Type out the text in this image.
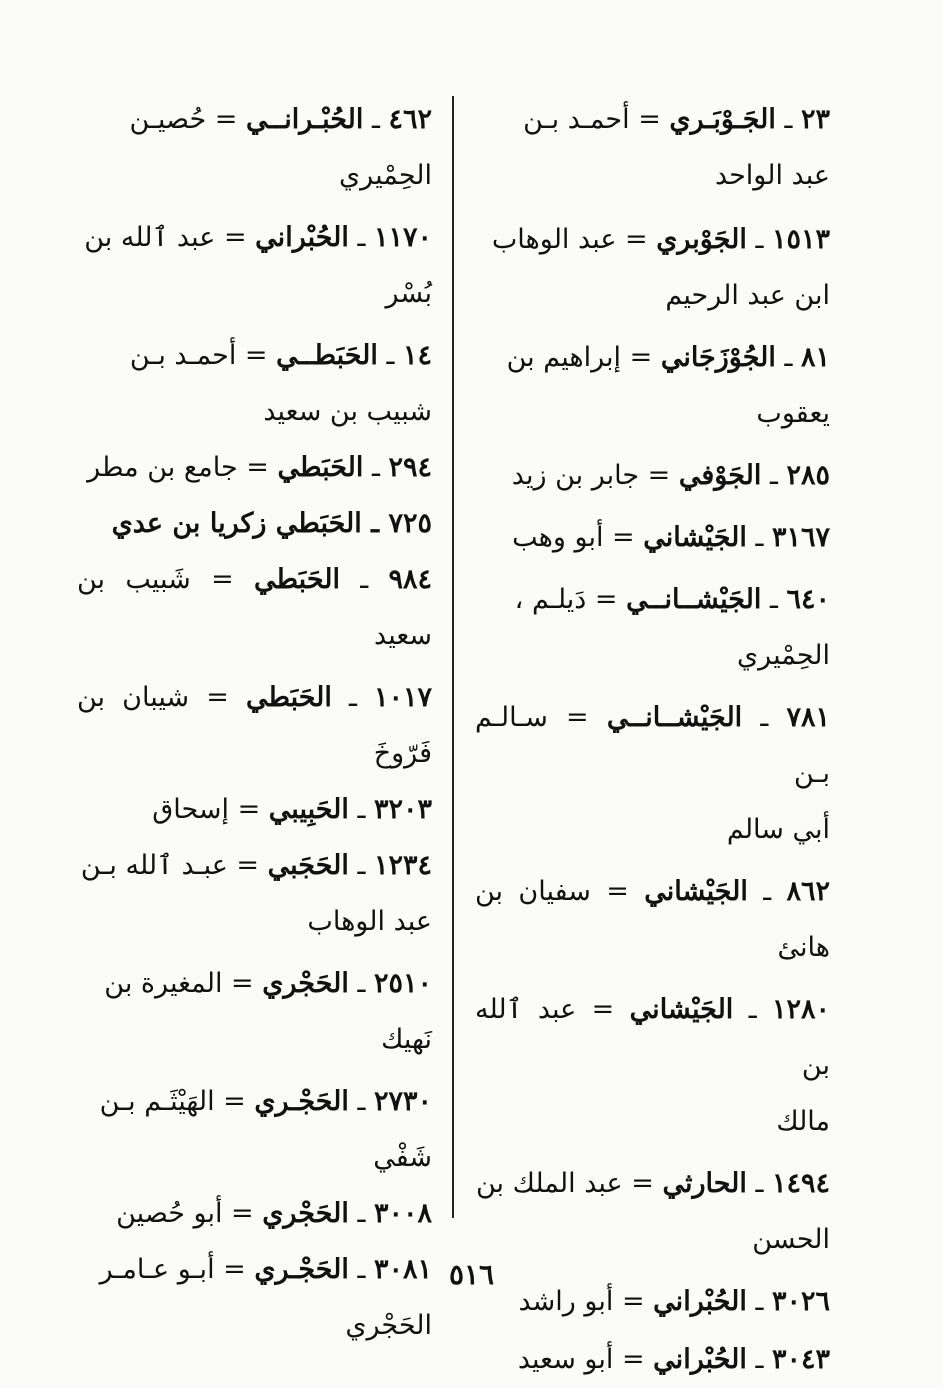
٢٣ ـ الجَـوْبَـري = أحمـد بـن
عبد الواحد
١٥١٣ ـ الجَوْبري = عبد الوهاب
ابن عبد الرحيم
٨١ ـ الجُوْزَجَاني = إبراهيم بن
يعقوب
٢٨٥ ـ الجَوْفي = جابر بن زيد
٣١٦٧ ـ الجَيْشاني = أبو وهب
٦٤٠ ـ الجَيْشــانــي = دَيلـم ،
الحِمْيري
٧٨١ ـ الجَيْشــانــي = سـالـم بـن
أبي سالم
٨٦٢ ـ الجَيْشاني = سفيان بن هانئ
١٢٨٠ ـ الجَيْشاني = عبد ٱلله بن
مالك
١٤٩٤ ـ الحارثي = عبد الملك بن
الحسن
٣٠٢٦ ـ الحُبْراني = أبو راشد
٣٠٤٣ ـ الحُبْراني = أبو سعيد
٤٦٢ ـ الحُبْـرانــي = حُصيـن
الحِمْيري
١١٧٠ ـ الحُبْراني = عبد ٱلله بن
بُسْر
١٤ ـ الحَبَطــي = أحمـد بـن
شبيب بن سعيد
٢٩٤ ـ الحَبَطي = جامع بن مطر
٧٢٥ ـ الحَبَطي زكريا بن عدي
٩٨٤ ـ الحَبَطي = شَبيب بن سعيد
١٠١٧ ـ الحَبَطي = شيبان بن فَرّوخَ
٣٢٠٣ ـ الحَبِيبي = إسحاق
١٢٣٤ ـ الحَجَبي = عبـد ٱلله بـن
عبد الوهاب
٢٥١٠ ـ الحَجْري = المغيرة بن
نَهيك
٢٧٣٠ ـ الحَجْـري = الهَيْثَـم بـن
شَفْي
٣٠٠٨ ـ الحَجْري = أبو حُصين
٣٠٨١ ـ الحَجْـري = أبـو عـامـر
الحَجْري
٥١٦
